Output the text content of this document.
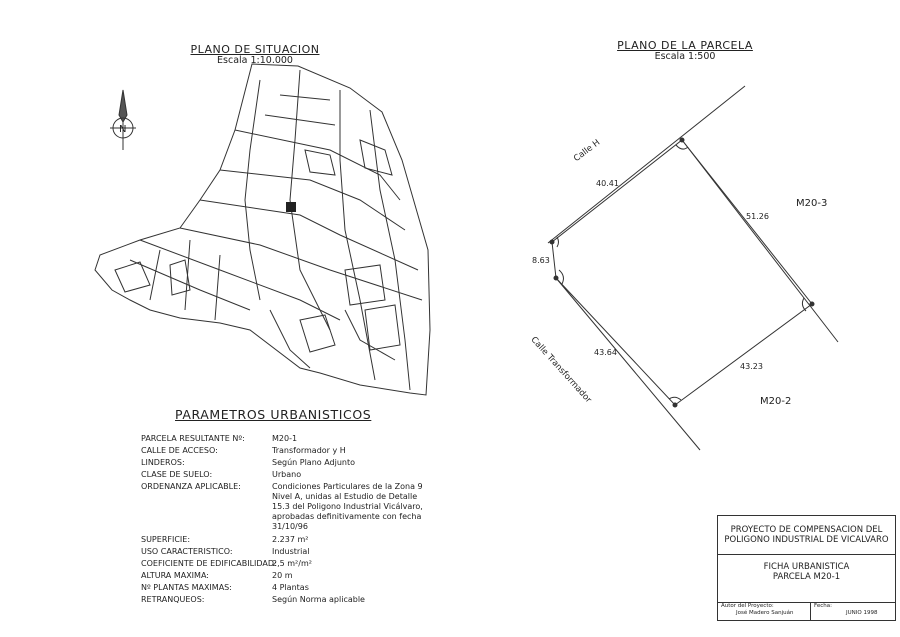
PLANO DE SITUACION
Escala 1:10.000
PLANO DE LA PARCELA
Escala 1:500
N
Calle H
Calle Transformador
40.41
51.26
8.63
43.64
43.23
M20-3
M20-2
PARAMETROS URBANISTICOS
PARCELA RESULTANTE Nº:	M20-1
CALLE DE ACCESO:	Transformador y H
LINDEROS:	Según Plano Adjunto
CLASE DE SUELO:	Urbano
ORDENANZA APLICABLE:	Condiciones Particulares de la Zona 9 Nivel A, unidas al Estudio de Detalle 15.3 del Poligono Industrial Vicálvaro, aprobadas definitivamente con fecha 31/10/96
SUPERFICIE:	2.237 m²
USO CARACTERISTICO:	Industrial
COEFICIENTE DE EDIFICABILIDAD:
2,5 m²/m²
ALTURA MAXIMA:	20 m
Nº PLANTAS MAXIMAS:	4 Plantas
RETRANQUEOS:	Según Norma aplicable
PROYECTO DE COMPENSACION DEL
POLIGONO INDUSTRIAL DE VICALVARO
FICHA URBANISTICA
PARCELA M20-1
Autor del Proyecto:
José Madero Sanjuán
Fecha:
JUNIO 1998
